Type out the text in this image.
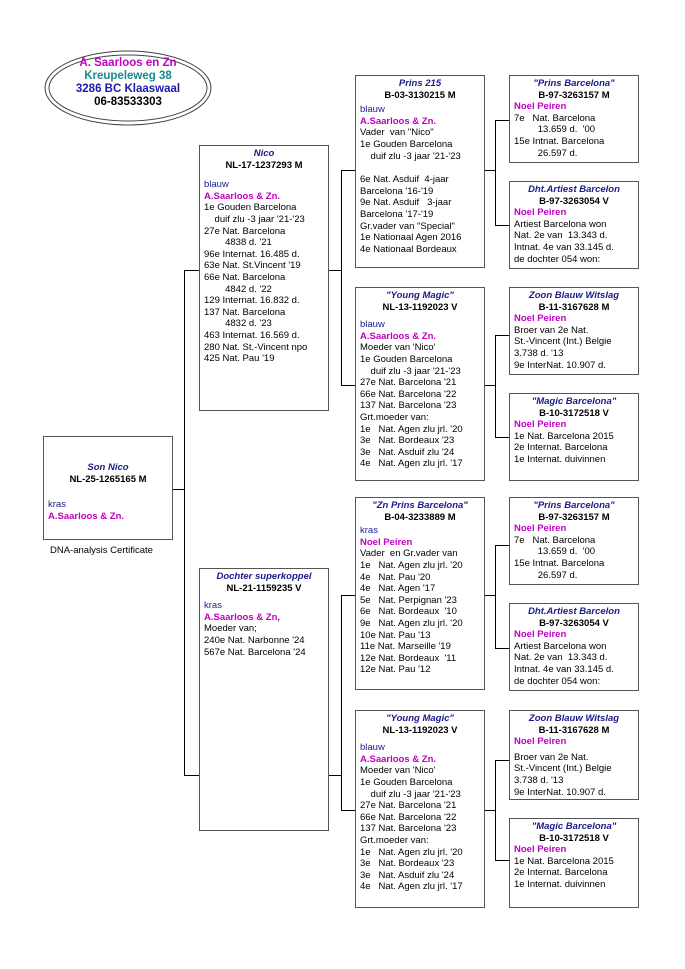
A. Saarloos en Zn
Kreupeleweg 38
3286 BC Klaaswaal
06-83533303
Son Nico
NL-25-1265165 M
kras
A.Saarloos & Zn.
DNA-analysis Certificate
Nico
NL-17-1237293 M
blauw
A.Saarloos & Zn.
1e Gouden Barcelona
duif zlu -3 jaar '21-'23
27e Nat. Barcelona
4838 d. '21
96e Internat. 16.485 d.
63e Nat. St.Vincent '19
66e Nat. Barcelona
4842 d. '22
129 Internat. 16.832 d.
137 Nat. Barcelona
4832 d. '23
463 Internat. 16.569 d.
280 Nat. St.-Vincent npo
425 Nat. Pau '19
Dochter superkoppel
NL-21-1159235 V
kras
A.Saarloos & Zn,
Moeder van;
240e Nat. Narbonne '24
567e Nat. Barcelona '24
Prins 215
B-03-3130215 M
blauw
A.Saarloos & Zn.
Vader  van "Nico"
1e Gouden Barcelona
duif zlu -3 jaar '21-'23
6e Nat. Asduif  4-jaar
Barcelona '16-'19
9e Nat. Asduif   3-jaar
Barcelona '17-'19
Gr.vader van "Special"
1e Nationaal Agen 2016
4e Nationaal Bordeaux
"Young Magic"
NL-13-1192023 V
blauw
A.Saarloos & Zn.
Moeder van 'Nico'
1e Gouden Barcelona
duif zlu -3 jaar '21-'23
27e Nat. Barcelona '21
66e Nat. Barcelona '22
137 Nat. Barcelona '23
Grt.moeder van:
1e   Nat. Agen zlu jrl. '20
3e   Nat. Bordeaux '23
3e   Nat. Asduif zlu '24
4e   Nat. Agen zlu jrl. '17
"Zn Prins Barcelona"
B-04-3233889 M
kras
Noel Peiren
Vader  en Gr.vader van
1e   Nat. Agen zlu jrl. '20
4e   Nat. Pau '20
4e   Nat. Agen '17
5e   Nat. Perpignan '23
6e   Nat. Bordeaux  '10
9e   Nat. Agen zlu jrl. '20
10e Nat. Pau '13
11e Nat. Marseille '19
12e Nat. Bordeaux  '11
12e Nat. Pau '12
"Young Magic"
NL-13-1192023 V
blauw
A.Saarloos & Zn.
Moeder van 'Nico'
1e Gouden Barcelona
duif zlu -3 jaar '21-'23
27e Nat. Barcelona '21
66e Nat. Barcelona '22
137 Nat. Barcelona '23
Grt.moeder van:
1e   Nat. Agen zlu jrl. '20
3e   Nat. Bordeaux '23
3e   Nat. Asduif zlu '24
4e   Nat. Agen zlu jrl. '17
"Prins Barcelona"
B-97-3263157 M
Noel Peiren
7e   Nat. Barcelona
13.659 d.  '00
15e Intnat. Barcelona
26.597 d.
Dht.Artiest Barcelon
B-97-3263054 V
Noel Peiren
Artiest Barcelona won
Nat. 2e van  13.343 d.
Intnat. 4e van 33.145 d.
de dochter 054 won:
Zoon Blauw Witslag
B-11-3167628 M
Noel Peiren
Broer van 2e Nat.
St.-Vincent (Int.) Belgie
3.738 d. '13
9e InterNat. 10.907 d.
"Magic Barcelona"
B-10-3172518 V
Noel Peiren
1e Nat. Barcelona 2015
2e Internat. Barcelona
1e Internat. duivinnen
"Prins Barcelona"
B-97-3263157 M
Noel Peiren
7e   Nat. Barcelona
13.659 d.  '00
15e Intnat. Barcelona
26.597 d.
Dht.Artiest Barcelon
B-97-3263054 V
Noel Peiren
Artiest Barcelona won
Nat. 2e van  13.343 d.
Intnat. 4e van 33.145 d.
de dochter 054 won:
Zoon Blauw Witslag
B-11-3167628 M
Noel Peiren
Broer van 2e Nat.
St.-Vincent (Int.) Belgie
3.738 d. '13
9e InterNat. 10.907 d.
"Magic Barcelona"
B-10-3172518 V
Noel Peiren
1e Nat. Barcelona 2015
2e Internat. Barcelona
1e Internat. duivinnen
